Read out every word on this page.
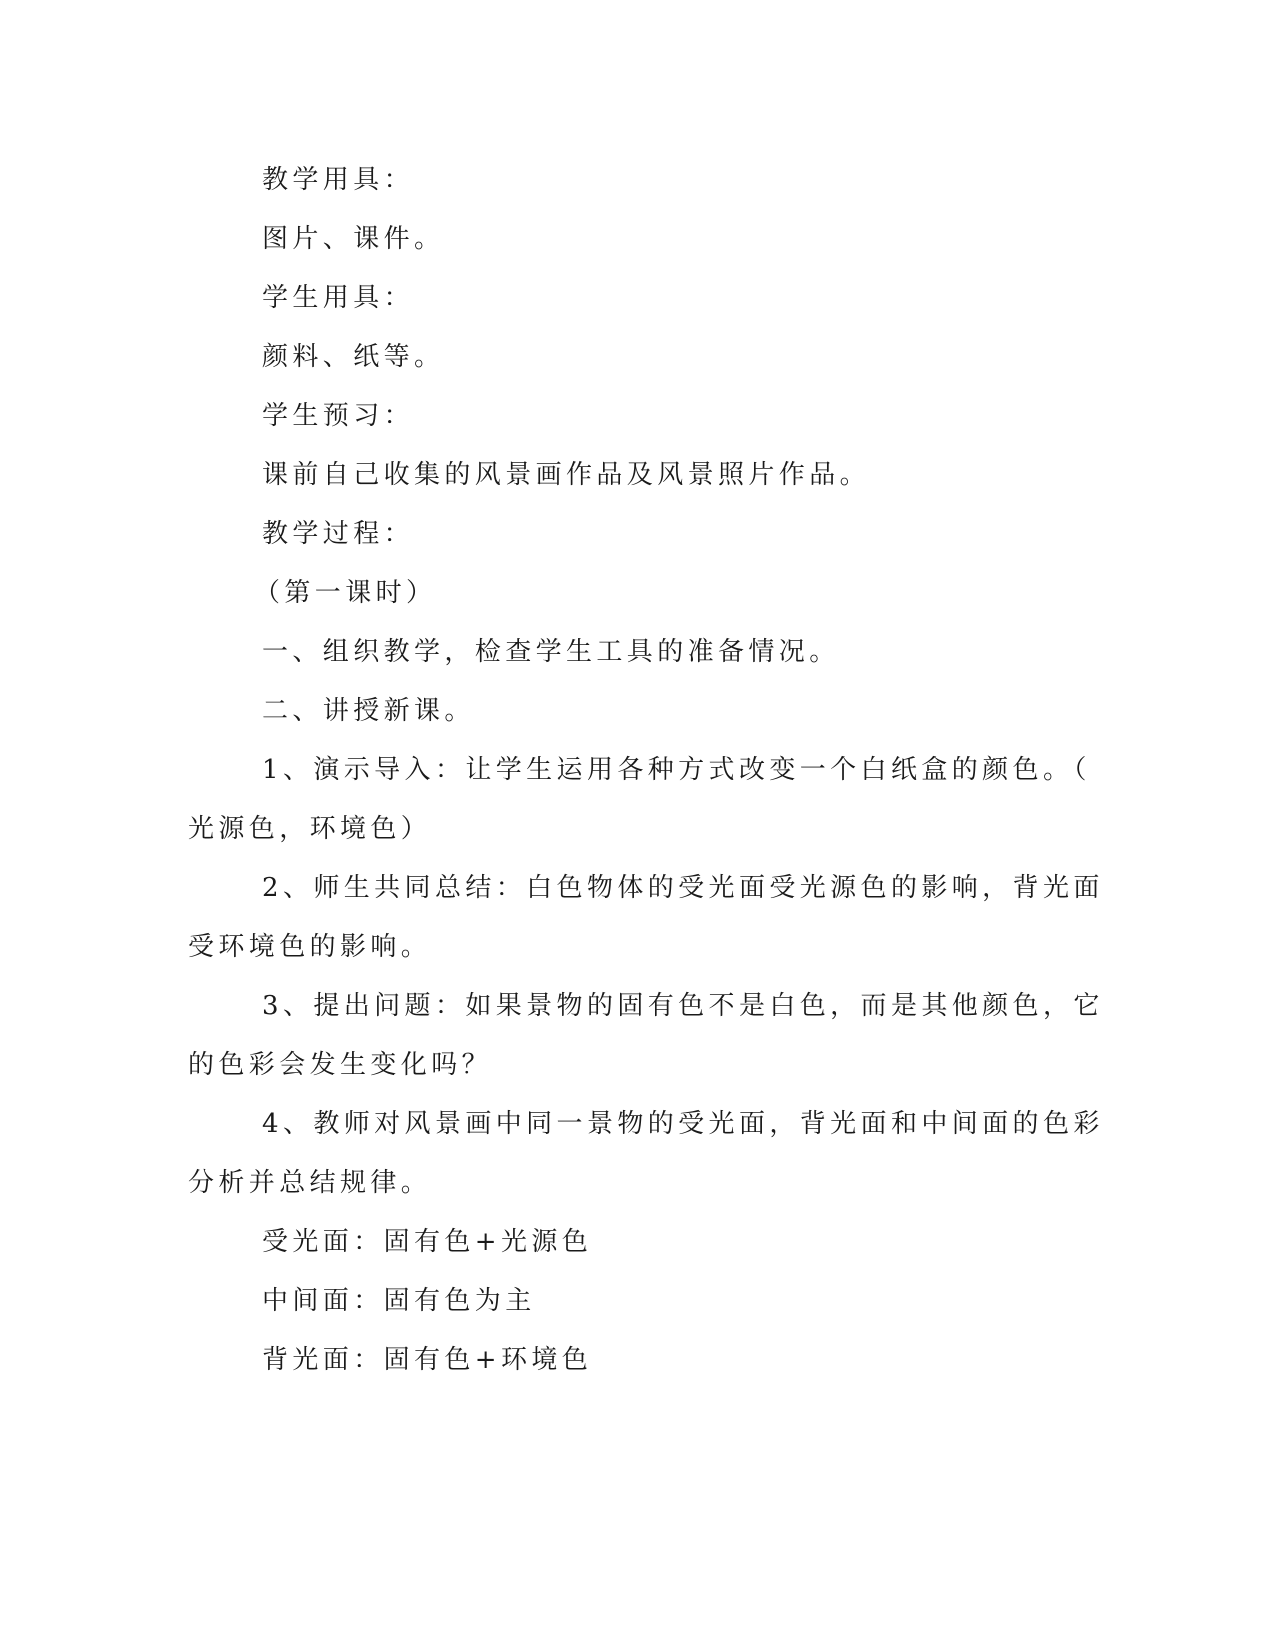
教学用具：
图片、课件。
学生用具：
颜料、纸等。
学生预习：
课前自己收集的风景画作品及风景照片作品。
教学过程：
（第一课时）
一、组织教学，检查学生工具的准备情况。
二、讲授新课。
1、演示导入：让学生运用各种方式改变一个白纸盒的颜色。（
光源色，环境色）
2、师生共同总结：白色物体的受光面受光源色的影响，背光面
受环境色的影响。
3、提出问题：如果景物的固有色不是白色，而是其他颜色，它
的色彩会发生变化吗？
4、教师对风景画中同一景物的受光面，背光面和中间面的色彩
分析并总结规律。
受光面：固有色+光源色
中间面：固有色为主
背光面：固有色+环境色
